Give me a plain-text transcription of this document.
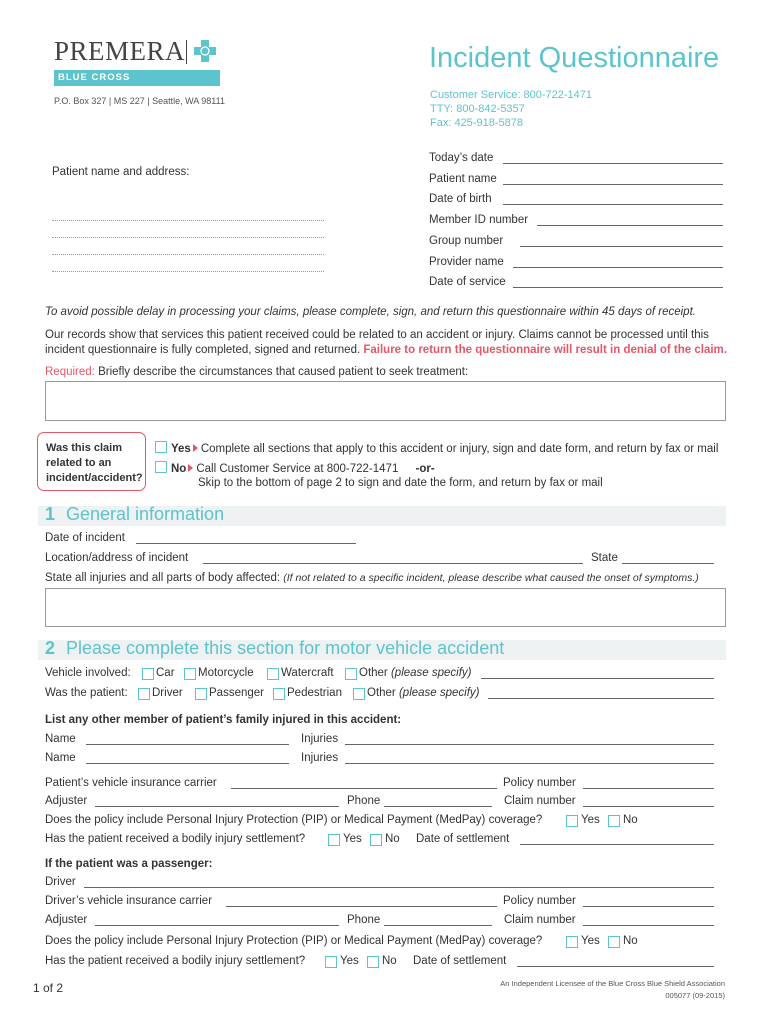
PREMERA
BLUE CROSS
P.O. Box 327 | MS 227 | Seattle, WA 98111
Incident Questionnaire
Customer Service: 800-722-1471
TTY: 800-842-5357
Fax: 425-918-5878
Patient name and address:
Today’s date
Patient name
Date of birth
Member ID number
Group number
Provider name
Date of service
To avoid possible delay in processing your claims, please complete, sign, and return this questionnaire within 45 days of receipt.
Our records show that services this patient received could be related to an accident or injury. Claims cannot be processed until this
incident questionnaire is fully completed, signed and returned. Failure to return the questionnaire will result in denial of the claim.
Required: Briefly describe the circumstances that caused patient to seek treatment:
Was this claim
related to an
incident/accident?
Yes Complete all sections that apply to this accident or injury, sign and date form, and return by fax or mail
No Call Customer Service at 800-722-1471 -or-
Skip to the bottom of page 2 to sign and date the form, and return by fax or mail
1 General information
Date of incident
Location/address of incident	State
State all injuries and all parts of body affected: (If not related to a specific incident, please describe what caused the onset of symptoms.)
2 Please complete this section for motor vehicle accident
Vehicle involved: Car Motorcycle Watercraft Other (please specify)
Was the patient: Driver Passenger Pedestrian Other (please specify)
List any other member of patient’s family injured in this accident:
Name	Injuries
Name	Injuries
Patient’s vehicle insurance carrier	Policy number
Adjuster	Phone	Claim number
Does the policy include Personal Injury Protection (PIP) or Medical Payment (MedPay) coverage?	Yes No
Has the patient received a bodily injury settlement?	Yes No Date of settlement
If the patient was a passenger:
Driver
Driver’s vehicle insurance carrier	Policy number
Adjuster	Phone	Claim number
Does the policy include Personal Injury Protection (PIP) or Medical Payment (MedPay) coverage?	Yes No
Has the patient received a bodily injury settlement?	Yes No Date of settlement
1 of 2	An Independent Licensee of the Blue Cross Blue Shield Association
005077 (09-2015)
